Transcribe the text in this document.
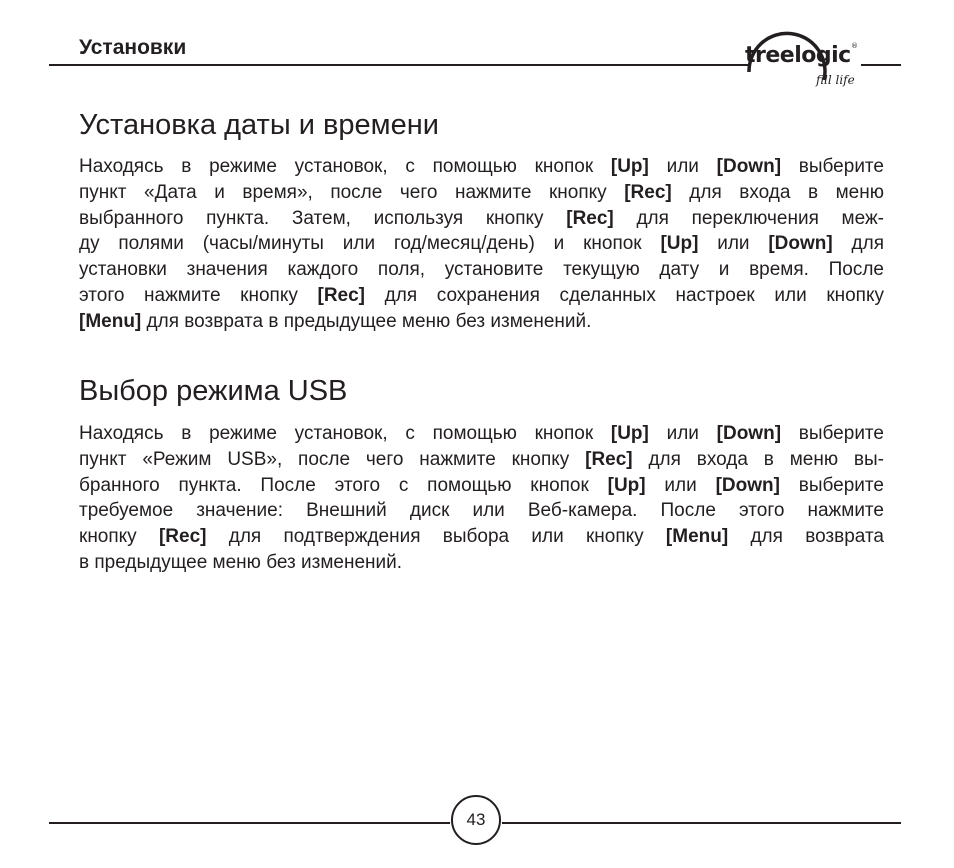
Установки	treelogic ®
fill life
Установка даты и времени
Находясь в режиме установок, с помощью кнопок [Up] или [Down] выберите
пункт «Дата и время», после чего нажмите кнопку [Rec] для входа в меню
выбранного пункта. Затем, используя кнопку [Rec] для переключения меж-
ду полями (часы/минуты или год/месяц/день) и кнопок [Up] или [Down] для
установки значения каждого поля, установите текущую дату и время. После
этого нажмите кнопку [Rec] для сохранения сделанных настроек или кнопку
[Menu] для возврата в предыдущее меню без изменений.
Выбор режима USB
Находясь в режиме установок, с помощью кнопок [Up] или [Down] выберите
пункт «Режим USB», после чего нажмите кнопку [Rec] для входа в меню вы-
бранного пункта. После этого с помощью кнопок [Up] или [Down] выберите
требуемое значение: Внешний диск или Веб-камера. После этого нажмите
кнопку [Rec] для подтверждения выбора или кнопку [Menu] для возврата
в предыдущее меню без изменений.
43
